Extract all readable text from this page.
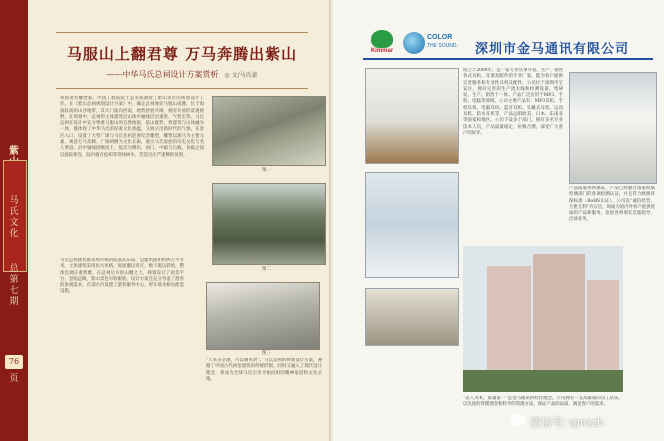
紫
马氏文化
总第七期
76
页
马服山上翻君尊 万马奔腾出紫山
——中华马氏总祠设计方案赏析 ◎ 文/马氏豪
我国著名雕塑家、中国工程院院士孟永铭教授了紫山景区的规划设计工作。在《紫山总祠规划设计方案》中，确定总祠地处马服山南麓，位于海拔较高的山谷地带，其大门面向西南，地势舒展开阔，拥有开放的景观视野。在规划中，总祠的主体建筑沿山体中轴线层层递进，气势宏伟。马氏总祠在设计中充分尊重马服山的自然地貌，依山就势，将建筑与山体融为一体，既体现了中华马氏的厚重文化底蕴，又展示出新时代的气象。在景区入口，设置了大型广场与马氏先祖赵奢纪念雕塑，雕塑以骏马为主要元素，寓意万马奔腾。广场两侧为文化长廊，展示马氏家族的历史文化与名人事迹。沿中轴线拾级而上，依次为牌坊、祠门、中殿与后殿。各殿之间以庭院相连，院内植有松柏等常绿树木，营造出庄严肃穆的氛围。
马氏总祠建筑群采用传统的院落式布局，总建筑面积约两万平方米，主体建筑采用仿古风格，屋面覆以青瓦，檐下施以彩绘，整体色调庄重典雅。在总祠后方的山腰之上，规划设计了观景平台，登临远眺，紫山景色尽收眼底。设计方案还充分考虑了游客的参观需求，在景区内设置了游客服务中心、停车场及相关配套设施。
“天来多圣地，可以聚英贤”。马氏总祠的规划设计方案，遵循了中国古代祠堂建筑的传统形制，同时又融入了现代设计理念，将成为全球马氏宗亲寻根问祖的精神家园和文化圣地。
图一
图二
图三
Kimmar
COLOR
THE SOUND. 深圳市金马通讯有限公司
成立于2000年，是一家专业从事开发、生产、销售各式耳机、耳塞及配件的专业厂家。能为客户提供完善服务和专业性耳机及配件。公司位于深圳市宝安区，拥有完善的生产流水线和检测设备，集研发、生产、销售于一体。产品广泛应用于MP3、手机、电脑等领域。公司主要产品有：MP3耳机、手机耳机、电脑耳机、蓝牙耳机、头戴式耳机、运动耳机、防水耳机等，产品远销欧美、日本、东南亚等国家和地区。公司下设多个部门，拥有多名专业技术人员，产品质量稳定，价格合理，深受广大客户的好评。
产品质量得到保证，产品已经通过国家权威检测部门的各项检测认证，并且符合欧洲环保标准（RoHS认证）。公司以“诚信经营、互惠互利”为宗旨，竭诚为国内外客户提供优质的产品和服务，欢迎各界朋友莅临指导、洽谈业务。
“以人为本，质量第一”是金马通讯的经营理念。公司拥有一支高素质的员工队伍，以先进的管理理念和科学的管理方法，保证产品的品质，满足客户的需求。
微信号: sjmszh
